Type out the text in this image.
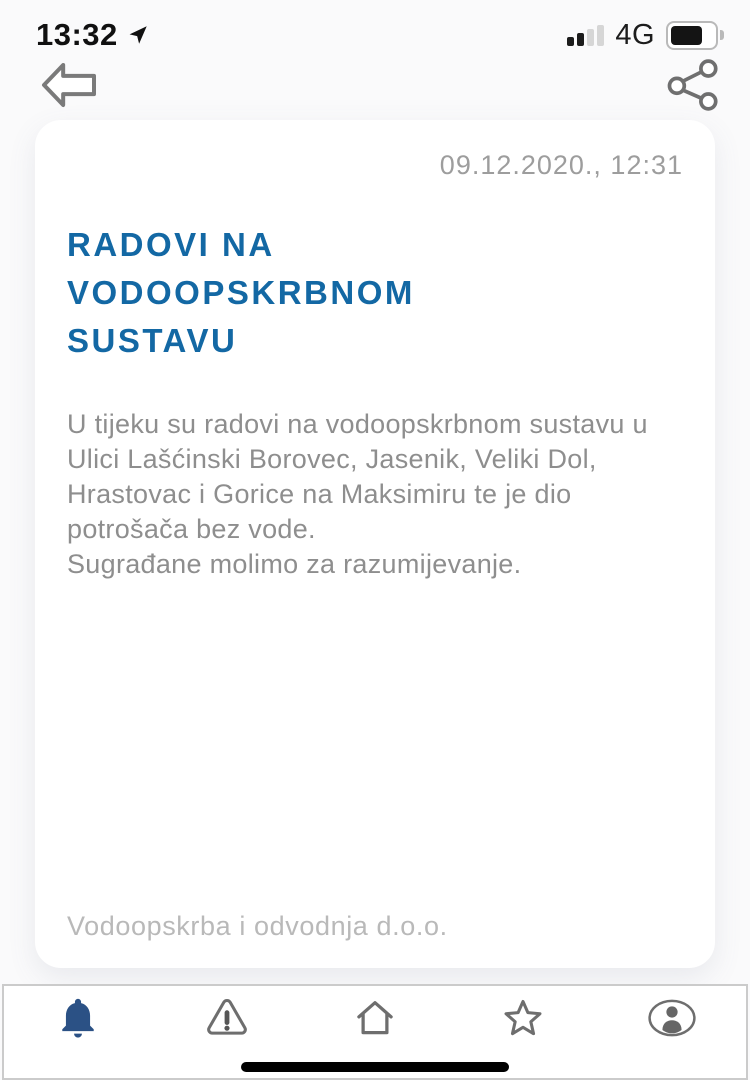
13:32	4G
09.12.2020., 12:31
RADOVI NA VODOOPSKRBNOM SUSTAVU

U tijeku su radovi na vodoopskrbnom sustavu u Ulici Lašćinski Borovec, Jasenik, Veliki Dol, Hrastovac i Gorice na Maksimiru te je dio potrošača bez vode.

Sugrađane molimo za razumijevanje.

Vodoopskrba i odvodnja d.o.o.
